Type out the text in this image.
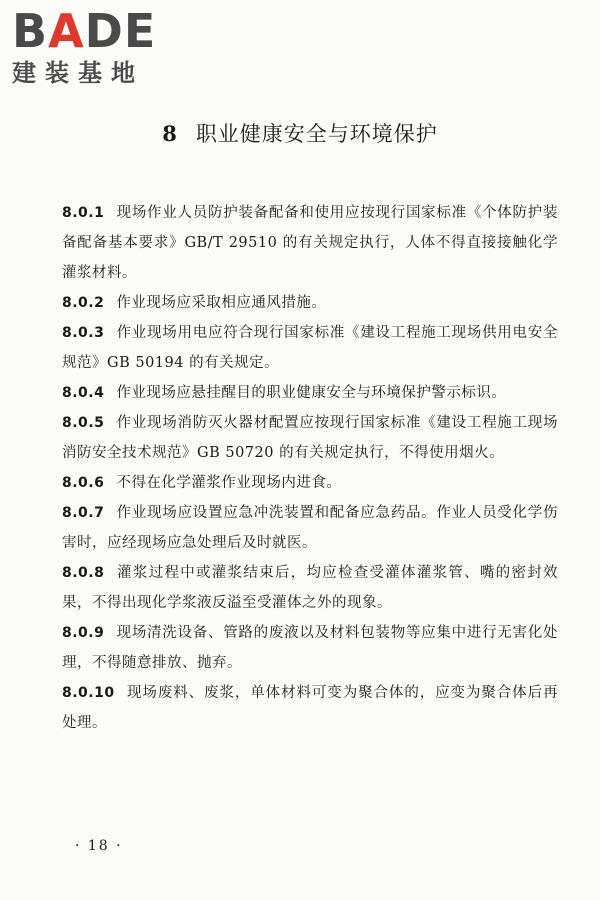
BADE
建装基地
8 职业健康安全与环境保护

8.0.1 现场作业人员防护装备配备和使用应按现行国家标准《个体防护装备配备基本要求》GB/T 29510 的有关规定执行，人体不得直接接触化学灌浆材料。

8.0.2 作业现场应采取相应通风措施。

8.0.3 作业现场用电应符合现行国家标准《建设工程施工现场供用电安全规范》GB 50194 的有关规定。

8.0.4 作业现场应悬挂醒目的职业健康安全与环境保护警示标识。

8.0.5 作业现场消防灭火器材配置应按现行国家标准《建设工程施工现场消防安全技术规范》GB 50720 的有关规定执行，不得使用烟火。

8.0.6 不得在化学灌浆作业现场内进食。

8.0.7 作业现场应设置应急冲洗装置和配备应急药品。作业人员受化学伤害时，应经现场应急处理后及时就医。

8.0.8 灌浆过程中或灌浆结束后，均应检查受灌体灌浆管、嘴的密封效果，不得出现化学浆液反溢至受灌体之外的现象。

8.0.9 现场清洗设备、管路的废液以及材料包装物等应集中进行无害化处理，不得随意排放、抛弃。

8.0.10 现场废料、废浆，单体材料可变为聚合体的，应变为聚合体后再处理。

· 18 ·
